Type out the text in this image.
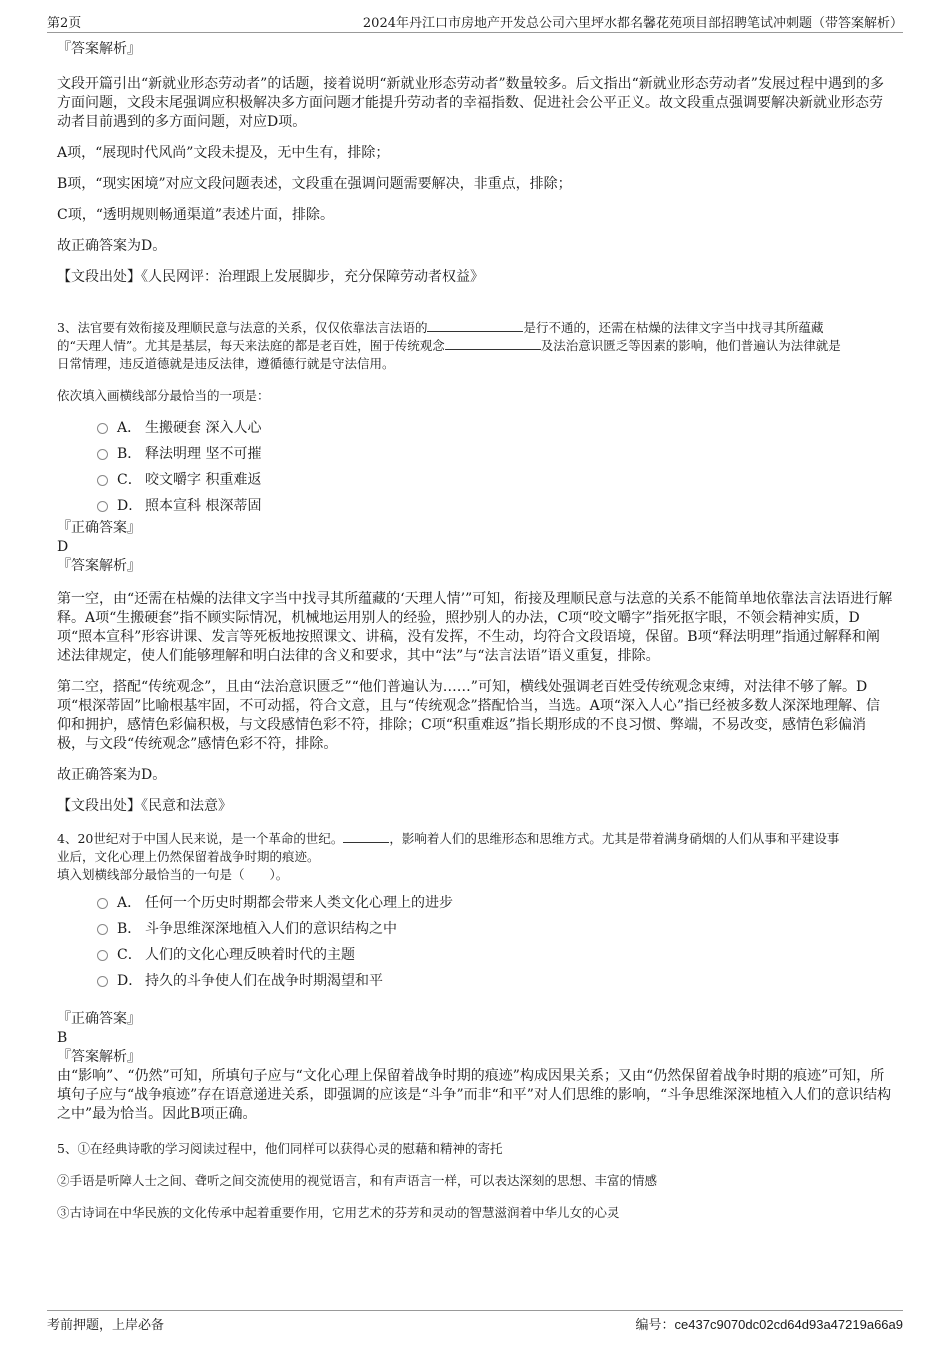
第2页	2024年丹江口市房地产开发总公司六里坪水都名馨花苑项目部招聘笔试冲刺题（带答案解析）

『答案解析』

文段开篇引出“新就业形态劳动者”的话题，接着说明“新就业形态劳动者”数量较多。后文指出“新就业形态劳动者”发展过程中遇到的多方面问题，文段末尾强调应积极解决多方面问题才能提升劳动者的幸福指数、促进社会公平正义。故文段重点强调要解决新就业形态劳动者目前遇到的多方面问题，对应D项。

A项，“展现时代风尚”文段未提及，无中生有，排除；

B项，“现实困境”对应文段问题表述，文段重在强调问题需要解决，非重点，排除；

C项，“透明规则畅通渠道”表述片面，排除。

故正确答案为D。

【文段出处】《人民网评：治理跟上发展脚步，充分保障劳动者权益》

3、法官要有效衔接及理顺民意与法意的关系，仅仅依靠法言法语的	是行不通的，还需在枯燥的法律文字当中找寻其所蕴藏
的“天理人情”。尤其是基层，每天来法庭的都是老百姓，囿于传统观念	及法治意识匮乏等因素的影响，他们普遍认为法律就是
日常情理，违反道德就是违反法律，遵循德行就是守法信用。

依次填入画横线部分最恰当的一项是：

A． 生搬硬套 深入人心
B． 释法明理 坚不可摧
C． 咬文嚼字 积重难返
D． 照本宣科 根深蒂固

『正确答案』

D

『答案解析』

第一空，由“还需在枯燥的法律文字当中找寻其所蕴藏的‘天理人情’”可知，衔接及理顺民意与法意的关系不能简单地依靠法言法语进行解释。A项“生搬硬套”指不顾实际情况，机械地运用别人的经验，照抄别人的办法，C项“咬文嚼字”指死抠字眼，不领会精神实质，D项“照本宣科”形容讲课、发言等死板地按照课文、讲稿，没有发挥，不生动，均符合文段语境，保留。B项“释法明理”指通过解释和阐述法律规定，使人们能够理解和明白法律的含义和要求，其中“法”与“法言法语”语义重复，排除。

第二空，搭配“传统观念”，且由“法治意识匮乏”“他们普遍认为……”可知，横线处强调老百姓受传统观念束缚，对法律不够了解。D项“根深蒂固”比喻根基牢固，不可动摇，符合文意，且与“传统观念”搭配恰当，当选。A项“深入人心”指已经被多数人深深地理解、信仰和拥护，感情色彩偏积极，与文段感情色彩不符，排除；C项“积重难返”指长期形成的不良习惯、弊端，不易改变，感情色彩偏消极，与文段“传统观念”感情色彩不符，排除。

故正确答案为D。

【文段出处】《民意和法意》

4、20世纪对于中国人民来说，是一个革命的世纪。	，影响着人们的思维形态和思维方式。尤其是带着满身硝烟的人们从事和平建设事
业后，文化心理上仍然保留着战争时期的痕迹。

填入划横线部分最恰当的一句是（　　）。

A． 任何一个历史时期都会带来人类文化心理上的进步
B． 斗争思维深深地植入人们的意识结构之中
C． 人们的文化心理反映着时代的主题
D． 持久的斗争使人们在战争时期渴望和平

『正确答案』

B

『答案解析』

由“影响”、“仍然”可知，所填句子应与“文化心理上保留着战争时期的痕迹”构成因果关系；又由“仍然保留着战争时期的痕迹”可知，所填句子应与“战争痕迹”存在语意递进关系，即强调的应该是“斗争”而非“和平”对人们思维的影响，“斗争思维深深地植入人们的意识结构之中”最为恰当。因此B项正确。

5、①在经典诗歌的学习阅读过程中，他们同样可以获得心灵的慰藉和精神的寄托

②手语是听障人士之间、聋听之间交流使用的视觉语言，和有声语言一样，可以表达深刻的思想、丰富的情感

③古诗词在中华民族的文化传承中起着重要作用，它用艺术的芬芳和灵动的智慧滋润着中华儿女的心灵

考前押题，上岸必备	编号：ce437c9070dc02cd64d93a47219a66a9
